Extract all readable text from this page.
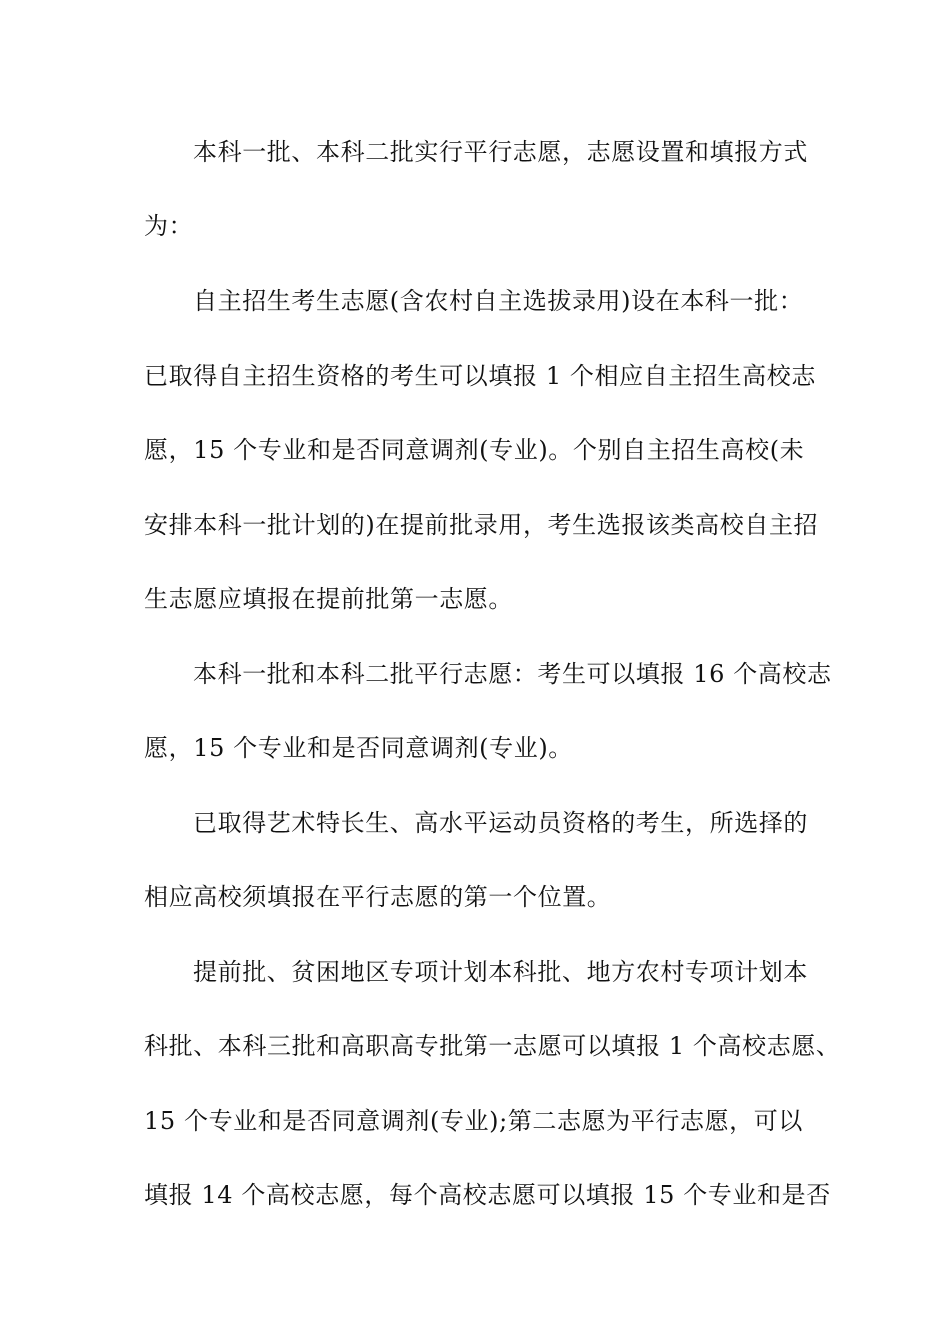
本科一批、本科二批实行平行志愿，志愿设置和填报方式
为：
自主招生考生志愿(含农村自主选拔录用)设在本科一批：
已取得自主招生资格的考生可以填报 1 个相应自主招生高校志
愿，15 个专业和是否同意调剂(专业)。个别自主招生高校(未
安排本科一批计划的)在提前批录用，考生选报该类高校自主招
生志愿应填报在提前批第一志愿。
本科一批和本科二批平行志愿：考生可以填报 16 个高校志
愿，15 个专业和是否同意调剂(专业)。
已取得艺术特长生、高水平运动员资格的考生，所选择的
相应高校须填报在平行志愿的第一个位置。
提前批、贫困地区专项计划本科批、地方农村专项计划本
科批、本科三批和高职高专批第一志愿可以填报 1 个高校志愿、
15 个专业和是否同意调剂(专业);第二志愿为平行志愿，可以
填报 14 个高校志愿，每个高校志愿可以填报 15 个专业和是否
